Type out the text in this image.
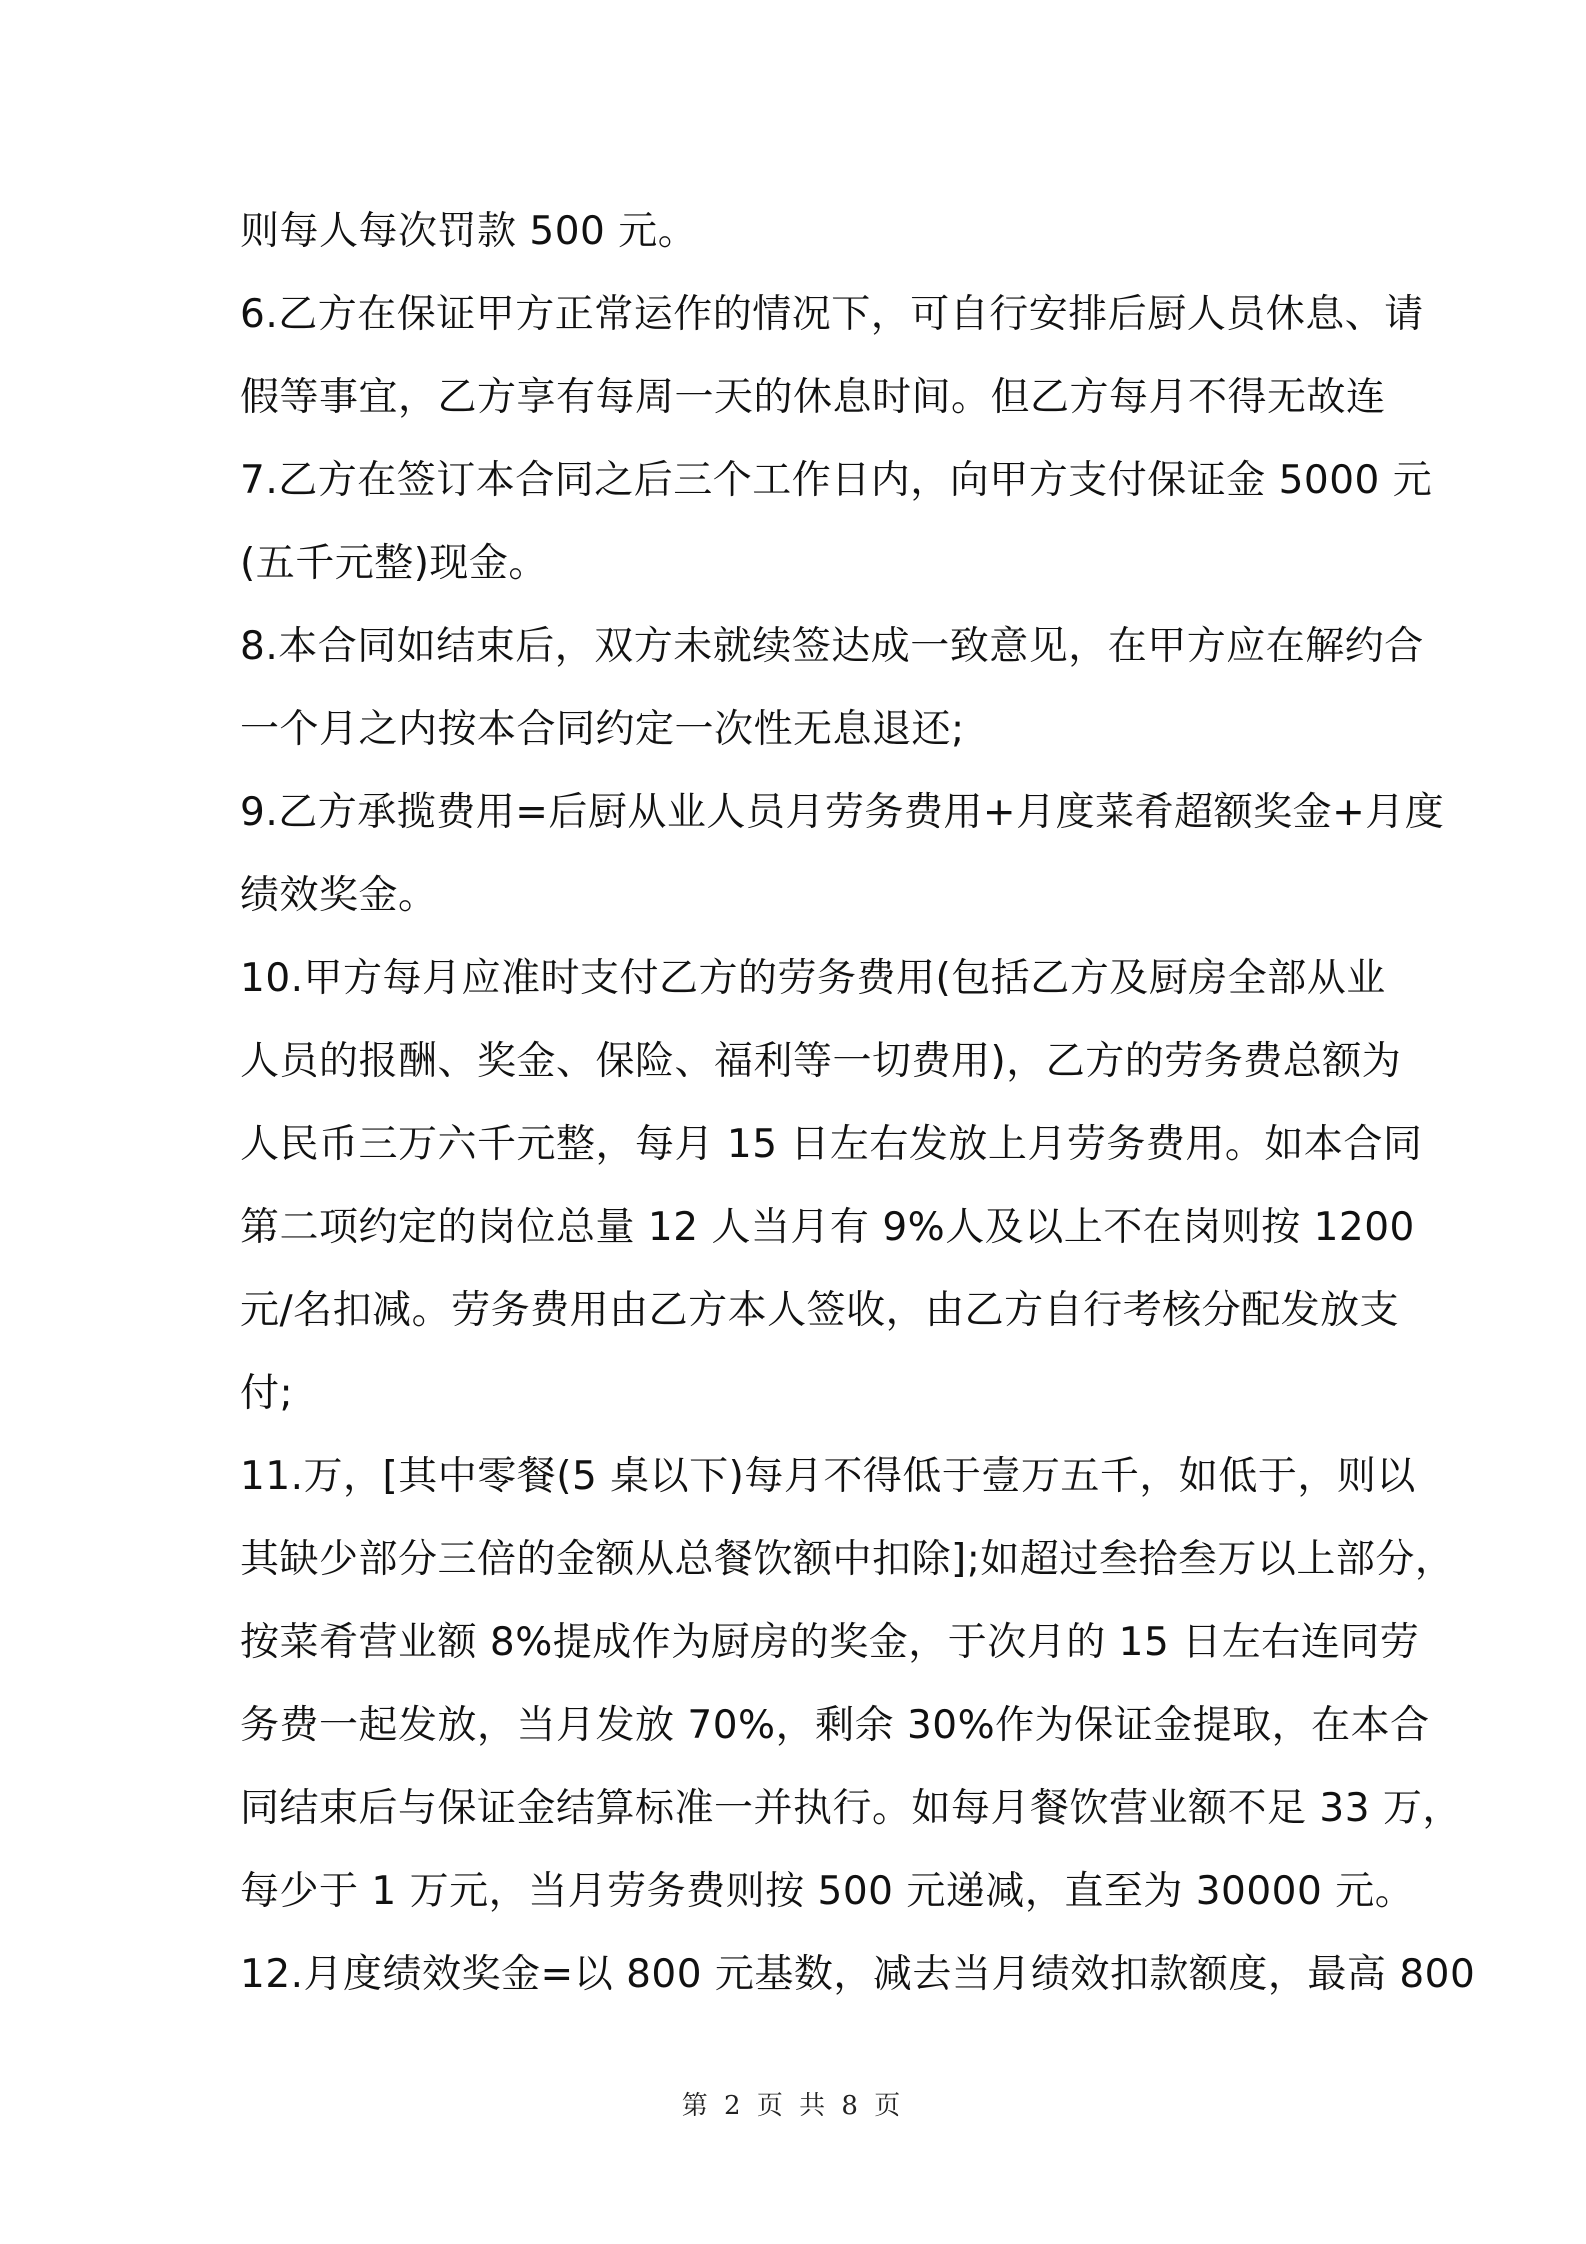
则每人每次罚款 500 元。
6.乙方在保证甲方正常运作的情况下，可自行安排后厨人员休息、请
假等事宜，乙方享有每周一天的休息时间。但乙方每月不得无故连
7.乙方在签订本合同之后三个工作日内，向甲方支付保证金 5000 元
(五千元整)现金。
8.本合同如结束后，双方未就续签达成一致意见，在甲方应在解约合
一个月之内按本合同约定一次性无息退还;
9.乙方承揽费用=后厨从业人员月劳务费用+月度菜肴超额奖金+月度
绩效奖金。
10.甲方每月应准时支付乙方的劳务费用(包括乙方及厨房全部从业
人员的报酬、奖金、保险、福利等一切费用)，乙方的劳务费总额为
人民币三万六千元整，每月 15 日左右发放上月劳务费用。如本合同
第二项约定的岗位总量 12 人当月有 9%人及以上不在岗则按 1200
元/名扣减。劳务费用由乙方本人签收，由乙方自行考核分配发放支
付;
11.万，[其中零餐(5 桌以下)每月不得低于壹万五千，如低于，则以
其缺少部分三倍的金额从总餐饮额中扣除];如超过叁拾叁万以上部分，
按菜肴营业额 8%提成作为厨房的奖金，于次月的 15 日左右连同劳
务费一起发放，当月发放 70%，剩余 30%作为保证金提取，在本合
同结束后与保证金结算标准一并执行。如每月餐饮营业额不足 33 万，
每少于 1 万元，当月劳务费则按 500 元递减，直至为 30000 元。
12.月度绩效奖金=以 800 元基数，减去当月绩效扣款额度，最高 800
第 2 页 共 8 页
